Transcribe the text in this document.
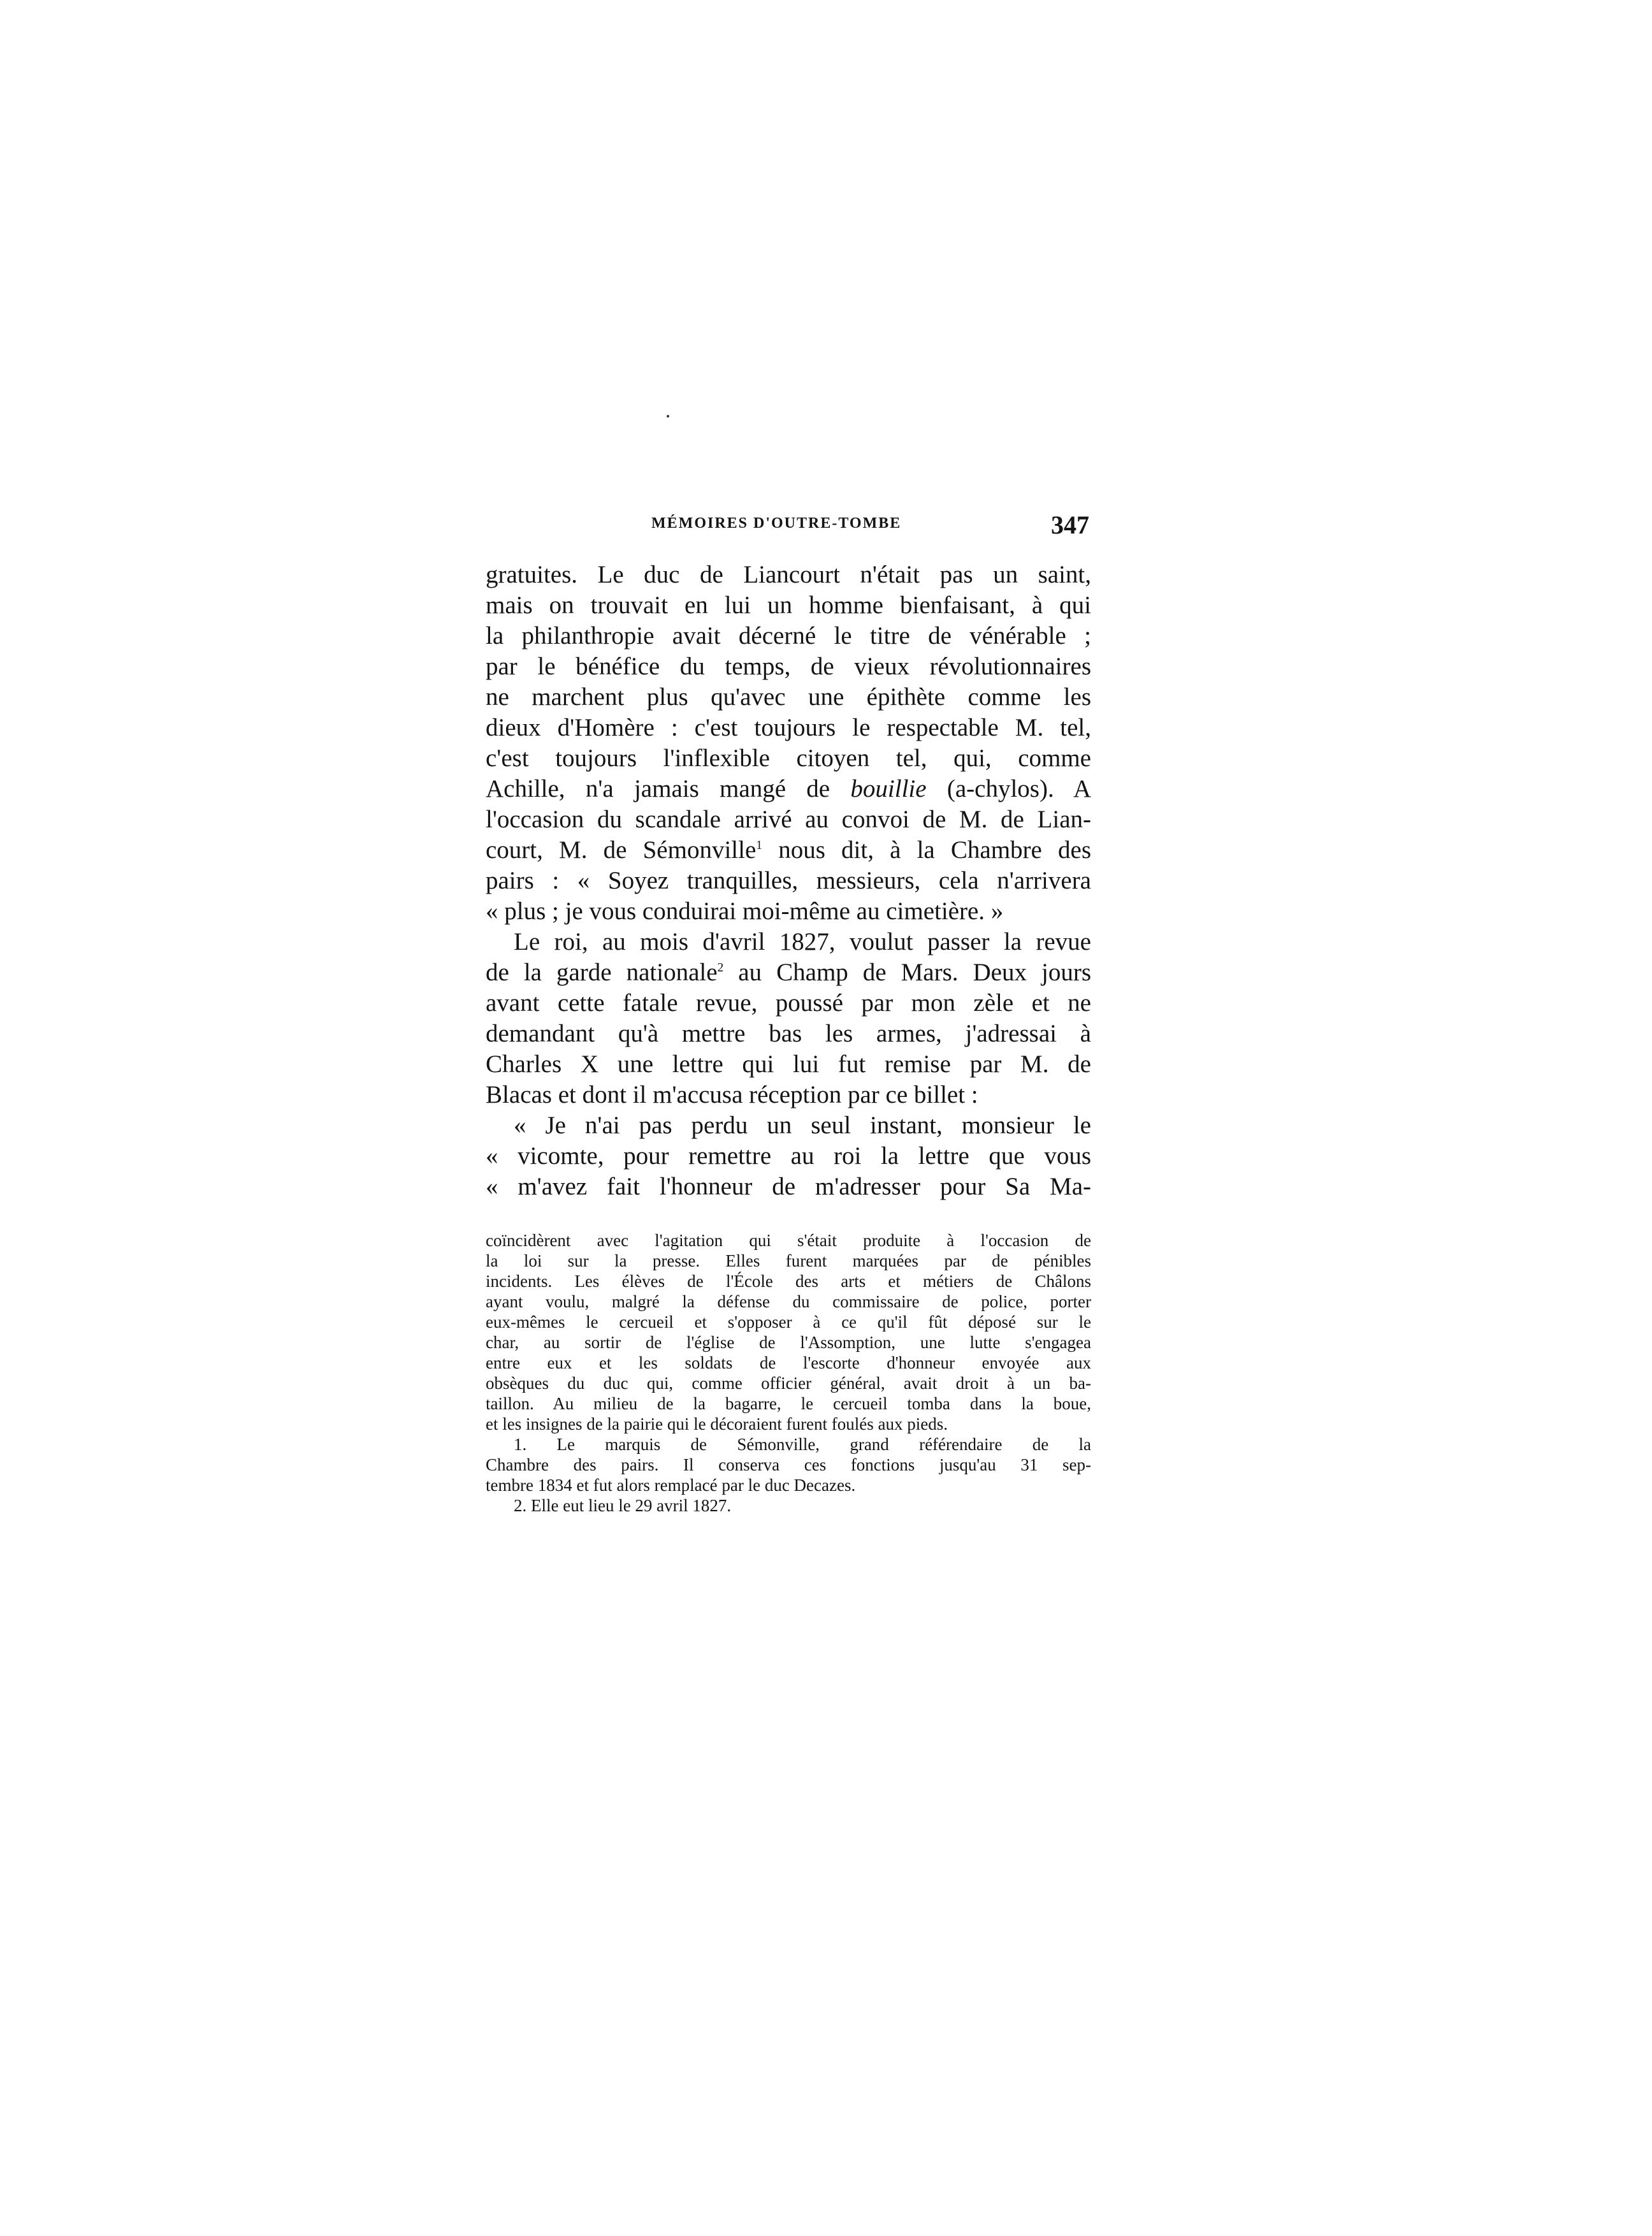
MÉMOIRES D'OUTRE-TOMBE	347
gratuites. Le duc de Liancourt n'était pas un saint,
mais on trouvait en lui un homme bienfaisant, à qui
la philanthropie avait décerné le titre de vénérable ;
par le bénéfice du temps, de vieux révolutionnaires
ne marchent plus qu'avec une épithète comme les
dieux d'Homère : c'est toujours le respectable M. tel,
c'est toujours l'inflexible citoyen tel, qui, comme
Achille, n'a jamais mangé de bouillie (a-chylos). A
l'occasion du scandale arrivé au convoi de M. de Lian-
court, M. de Sémonville$^1$ nous dit, à la Chambre des
pairs : « Soyez tranquilles, messieurs, cela n'arrivera
« plus ; je vous conduirai moi-même au cimetière. »
Le roi, au mois d'avril 1827, voulut passer la revue
de la garde nationale$^2$ au Champ de Mars. Deux jours
avant cette fatale revue, poussé par mon zèle et ne
demandant qu'à mettre bas les armes, j'adressai à
Charles X une lettre qui lui fut remise par M. de
Blacas et dont il m'accusa réception par ce billet :
« Je n'ai pas perdu un seul instant, monsieur le
« vicomte, pour remettre au roi la lettre que vous
« m'avez fait l'honneur de m'adresser pour Sa Ma-
coïncidèrent avec l'agitation qui s'était produite à l'occasion de
la loi sur la presse. Elles furent marquées par de pénibles
incidents. Les élèves de l'École des arts et métiers de Châlons
ayant voulu, malgré la défense du commissaire de police, porter
eux-mêmes le cercueil et s'opposer à ce qu'il fût déposé sur le
char, au sortir de l'église de l'Assomption, une lutte s'engagea
entre eux et les soldats de l'escorte d'honneur envoyée aux
obsèques du duc qui, comme officier général, avait droit à un ba-
taillon. Au milieu de la bagarre, le cercueil tomba dans la boue,
et les insignes de la pairie qui le décoraient furent foulés aux pieds.
1. Le marquis de Sémonville, grand référendaire de la
Chambre des pairs. Il conserva ces fonctions jusqu'au 31 sep-
tembre 1834 et fut alors remplacé par le duc Decazes.
2. Elle eut lieu le 29 avril 1827.
